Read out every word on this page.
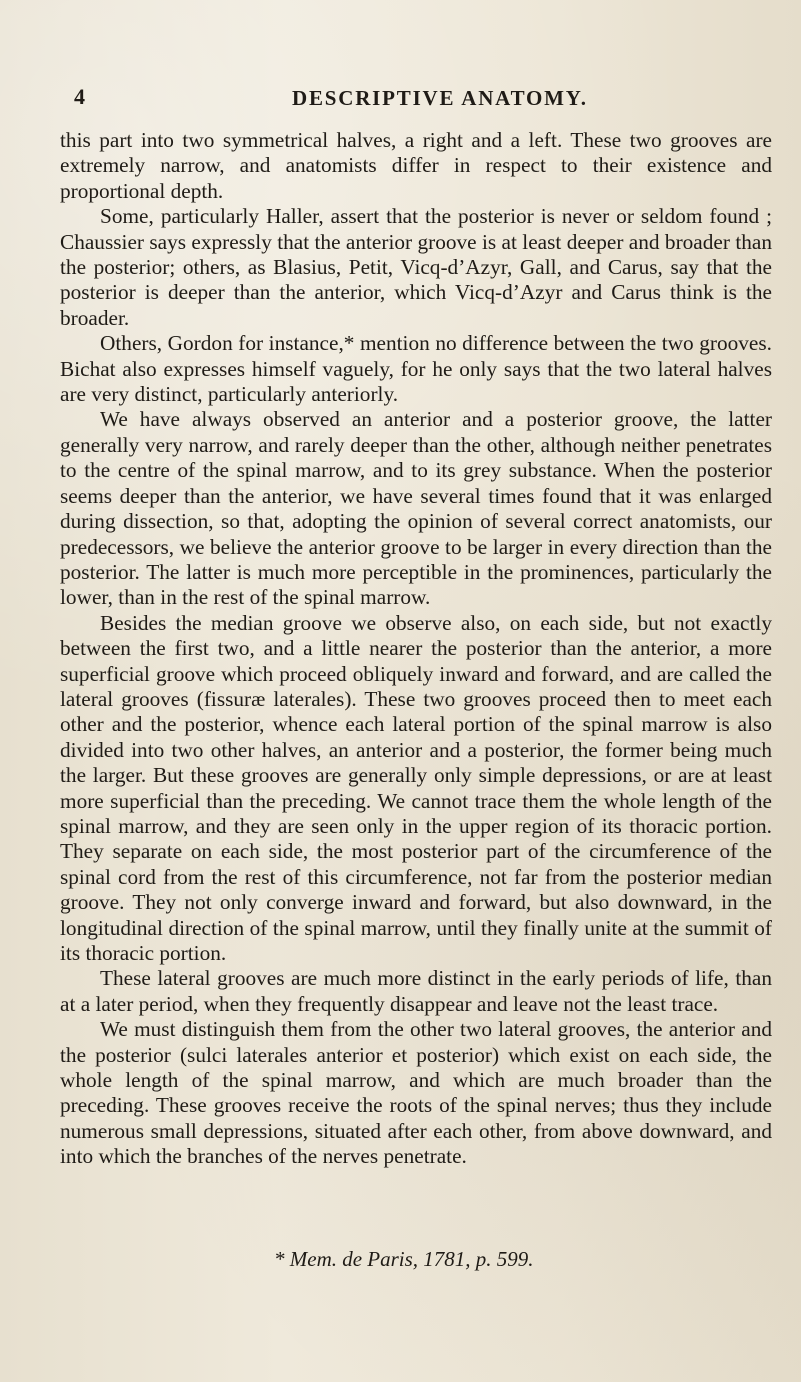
4	DESCRIPTIVE ANATOMY.

this part into two symmetrical halves, a right and a left. These two grooves are extremely narrow, and anatomists differ in respect to their existence and proportional depth.

Some, particularly Haller, assert that the posterior is never or seldom found ; Chaussier says expressly that the anterior groove is at least deeper and broader than the posterior; others, as Blasius, Petit, Vicq-d’Azyr, Gall, and Carus, say that the posterior is deeper than the anterior, which Vicq-d’Azyr and Carus think is the broader.

Others, Gordon for instance,* mention no difference between the two grooves. Bichat also expresses himself vaguely, for he only says that the two lateral halves are very distinct, particularly anteriorly.

We have always observed an anterior and a posterior groove, the latter generally very narrow, and rarely deeper than the other, although neither penetrates to the centre of the spinal marrow, and to its grey substance. When the posterior seems deeper than the anterior, we have several times found that it was enlarged during dissection, so that, adopting the opinion of several correct anatomists, our predecessors, we believe the anterior groove to be larger in every direction than the posterior. The latter is much more perceptible in the prominences, particularly the lower, than in the rest of the spinal marrow.

Besides the median groove we observe also, on each side, but not exactly between the first two, and a little nearer the posterior than the anterior, a more superficial groove which proceed obliquely inward and forward, and are called the lateral grooves (fissuræ laterales). These two grooves proceed then to meet each other and the posterior, whence each lateral portion of the spinal marrow is also divided into two other halves, an anterior and a posterior, the former being much the larger. But these grooves are generally only simple depressions, or are at least more superficial than the preceding. We cannot trace them the whole length of the spinal marrow, and they are seen only in the upper region of its thoracic portion. They separate on each side, the most posterior part of the circumference of the spinal cord from the rest of this circumference, not far from the posterior median groove. They not only converge inward and forward, but also downward, in the longitudinal direction of the spinal marrow, until they finally unite at the summit of its thoracic portion.

These lateral grooves are much more distinct in the early periods of life, than at a later period, when they frequently disappear and leave not the least trace.

We must distinguish them from the other two lateral grooves, the anterior and the posterior (sulci laterales anterior et posterior) which exist on each side, the whole length of the spinal marrow, and which are much broader than the preceding. These grooves receive the roots of the spinal nerves; thus they include numerous small depressions, situated after each other, from above downward, and into which the branches of the nerves penetrate.

* Mem. de Paris, 1781, p. 599.
